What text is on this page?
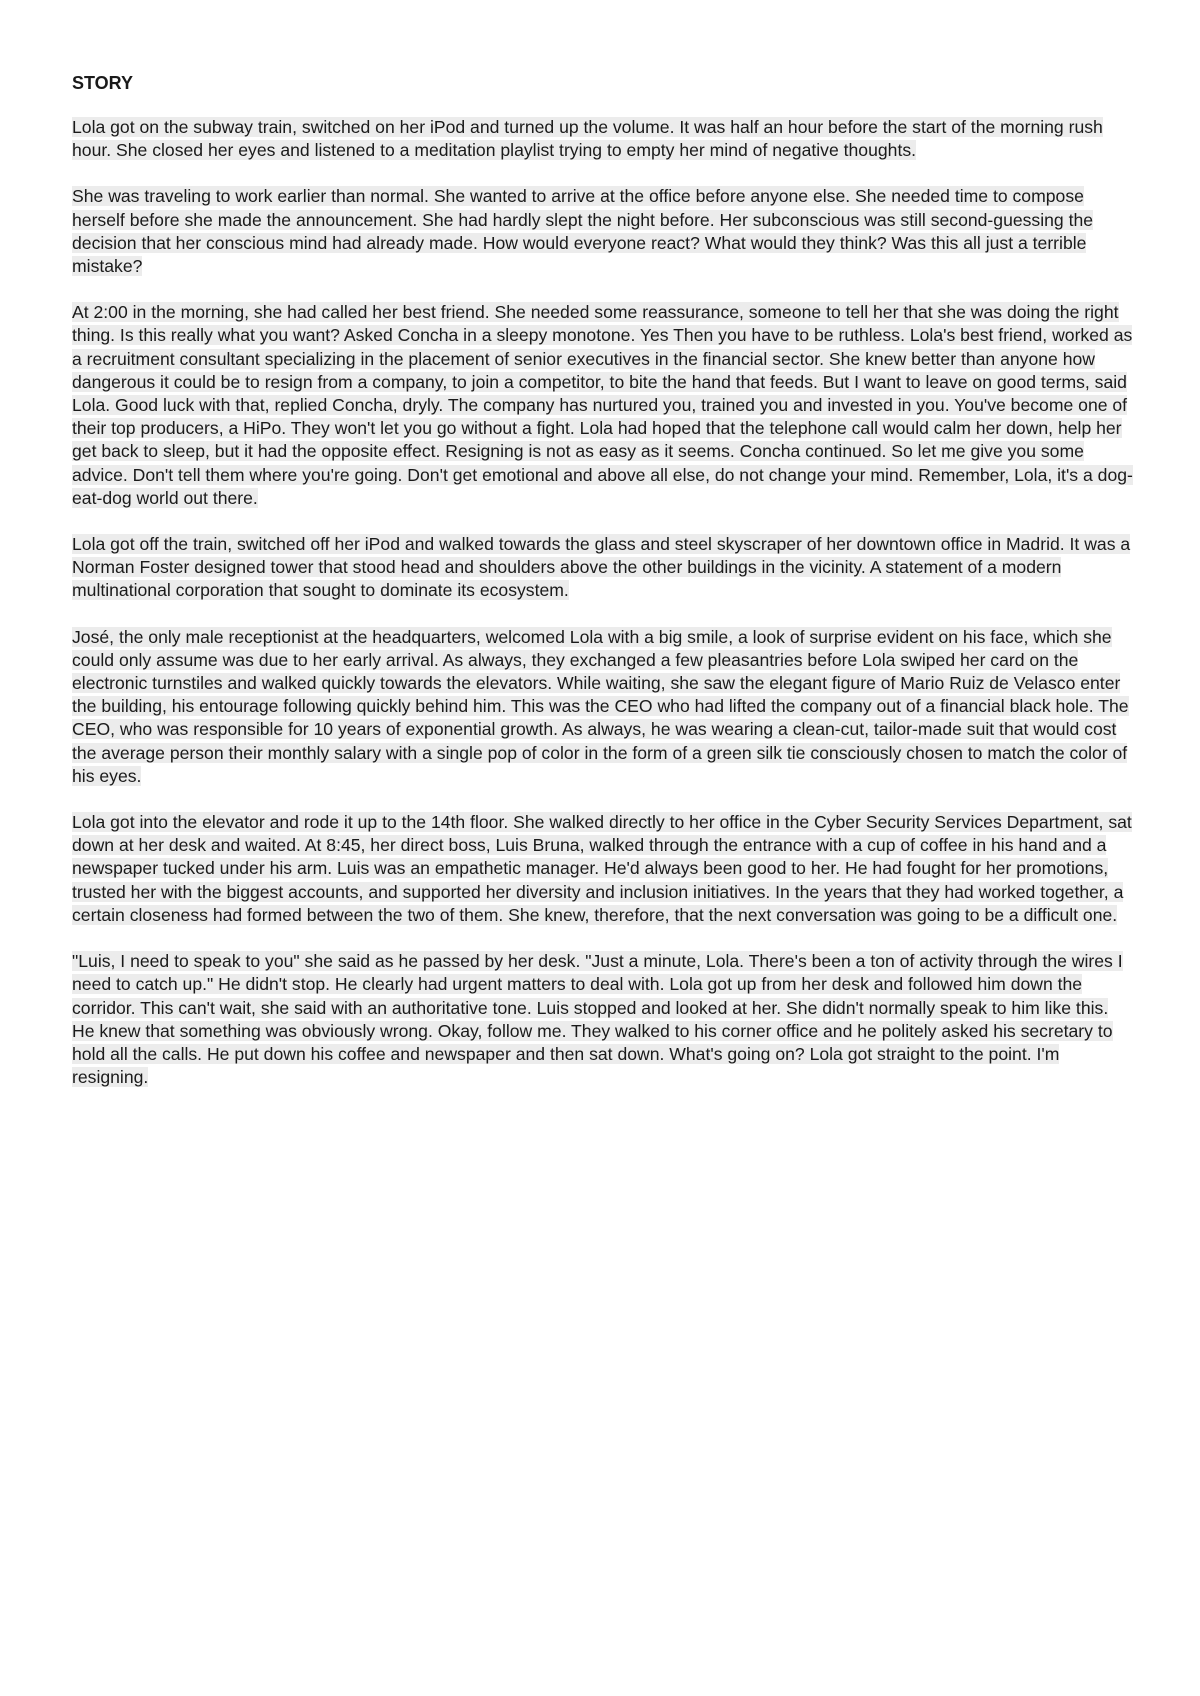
STORY

Lola got on the subway train, switched on her iPod and turned up the volume. It was half an hour before the start of the morning rush hour. She closed her eyes and listened to a meditation playlist trying to empty her mind of negative thoughts.

She was traveling to work earlier than normal. She wanted to arrive at the office before anyone else. She needed time to compose herself before she made the announcement. She had hardly slept the night before. Her subconscious was still second-guessing the decision that her conscious mind had already made. How would everyone react? What would they think? Was this all just a terrible mistake?

At 2:00 in the morning, she had called her best friend. She needed some reassurance, someone to tell her that she was doing the right thing. Is this really what you want? Asked Concha in a sleepy monotone. Yes Then you have to be ruthless. Lola's best friend, worked as a recruitment consultant specializing in the placement of senior executives in the financial sector. She knew better than anyone how dangerous it could be to resign from a company, to join a competitor, to bite the hand that feeds. But I want to leave on good terms, said Lola. Good luck with that, replied Concha, dryly. The company has nurtured you, trained you and invested in you. You've become one of their top producers, a HiPo. They won't let you go without a fight. Lola had hoped that the telephone call would calm her down, help her get back to sleep, but it had the opposite effect. Resigning is not as easy as it seems. Concha continued. So let me give you some advice. Don't tell them where you're going. Don't get emotional and above all else, do not change your mind. Remember, Lola, it's a dog-eat-dog world out there.

Lola got off the train, switched off her iPod and walked towards the glass and steel skyscraper of her downtown office in Madrid. It was a Norman Foster designed tower that stood head and shoulders above the other buildings in the vicinity. A statement of a modern multinational corporation that sought to dominate its ecosystem.

José, the only male receptionist at the headquarters, welcomed Lola with a big smile, a look of surprise evident on his face, which she could only assume was due to her early arrival. As always, they exchanged a few pleasantries before Lola swiped her card on the electronic turnstiles and walked quickly towards the elevators. While waiting, she saw the elegant figure of Mario Ruiz de Velasco enter the building, his entourage following quickly behind him. This was the CEO who had lifted the company out of a financial black hole. The CEO, who was responsible for 10 years of exponential growth. As always, he was wearing a clean-cut, tailor-made suit that would cost the average person their monthly salary with a single pop of color in the form of a green silk tie consciously chosen to match the color of his eyes.

Lola got into the elevator and rode it up to the 14th floor. She walked directly to her office in the Cyber Security Services Department, sat down at her desk and waited. At 8:45, her direct boss, Luis Bruna, walked through the entrance with a cup of coffee in his hand and a newspaper tucked under his arm. Luis was an empathetic manager. He'd always been good to her. He had fought for her promotions, trusted her with the biggest accounts, and supported her diversity and inclusion initiatives. In the years that they had worked together, a certain closeness had formed between the two of them. She knew, therefore, that the next conversation was going to be a difficult one.

"Luis, I need to speak to you" she said as he passed by her desk. "Just a minute, Lola. There's been a ton of activity through the wires I need to catch up." He didn't stop. He clearly had urgent matters to deal with. Lola got up from her desk and followed him down the corridor. This can't wait, she said with an authoritative tone. Luis stopped and looked at her. She didn't normally speak to him like this. He knew that something was obviously wrong. Okay, follow me. They walked to his corner office and he politely asked his secretary to hold all the calls. He put down his coffee and newspaper and then sat down. What's going on? Lola got straight to the point. I'm resigning.
